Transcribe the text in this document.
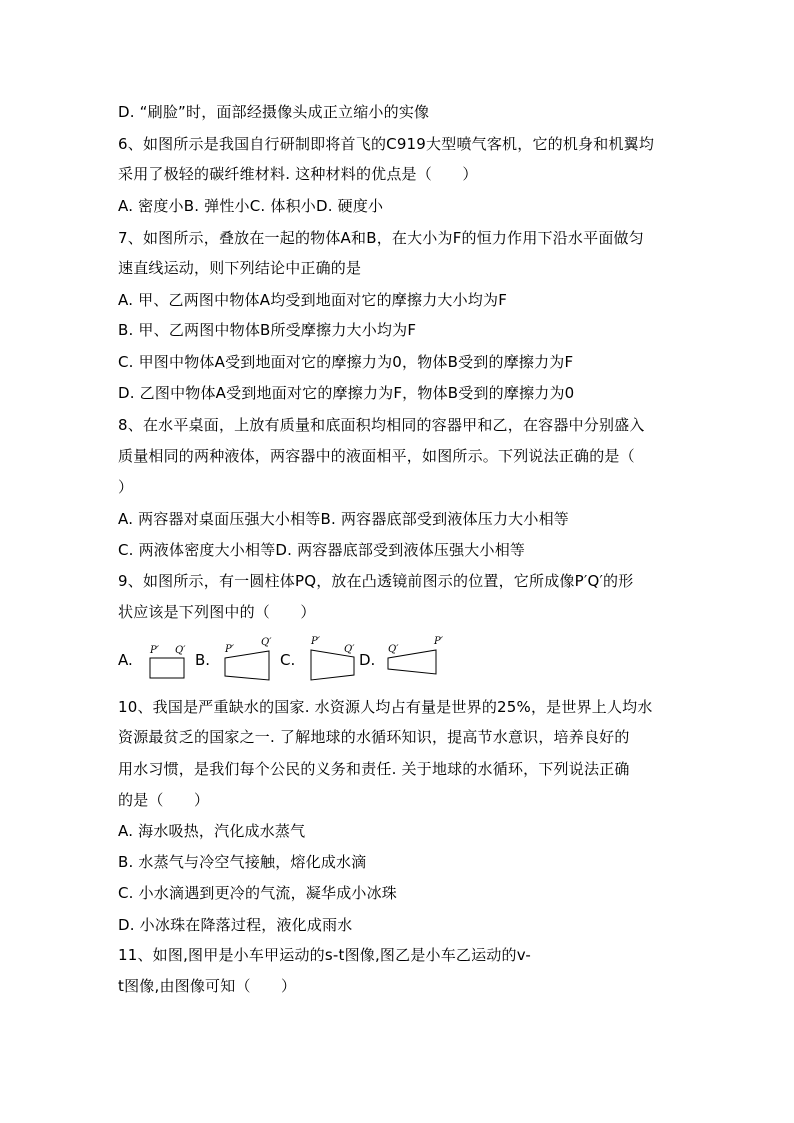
D. “刷脸”时，面部经摄像头成正立缩小的实像
6、如图所示是我国自行研制即将首飞的C919大型喷气客机，它的机身和机翼均
采用了极轻的碳纤维材料. 这种材料的优点是（　　）
A. 密度小B. 弹性小C. 体积小D. 硬度小
7、如图所示，叠放在一起的物体A和B，在大小为F的恒力作用下沿水平面做匀
速直线运动，则下列结论中正确的是
A. 甲、乙两图中物体A均受到地面对它的摩擦力大小均为F
B. 甲、乙两图中物体B所受摩擦力大小均为F
C. 甲图中物体A受到地面对它的摩擦力为0，物体B受到的摩擦力为F
D. 乙图中物体A受到地面对它的摩擦力为F，物体B受到的摩擦力为0
8、在水平桌面，上放有质量和底面积均相同的容器甲和乙，在容器中分别盛入
质量相同的两种液体，两容器中的液面相平，如图所示。下列说法正确的是（
）
A. 两容器对桌面压强大小相等B. 两容器底部受到液体压力大小相等
C. 两液体密度大小相等D. 两容器底部受到液体压强大小相等
9、如图所示，有一圆柱体PQ，放在凸透镜前图示的位置，它所成像P′Q′的形
状应该是下列图中的（　　）
A.
P′ Q′
B.
P′
Q′
C.
P′
Q′
D.
Q′
P′
10、我国是严重缺水的国家. 水资源人均占有量是世界的25%，是世界上人均水
资源最贫乏的国家之一. 了解地球的水循环知识，提高节水意识，培养良好的
用水习惯，是我们每个公民的义务和责任. 关于地球的水循环，下列说法正确
的是（　　）
A. 海水吸热，汽化成水蒸气
B. 水蒸气与冷空气接触，熔化成水滴
C. 小水滴遇到更冷的气流，凝华成小冰珠
D. 小冰珠在降落过程，液化成雨水
11、如图,图甲是小车甲运动的s-t图像,图乙是小车乙运动的v-
t图像,由图像可知（　　）
